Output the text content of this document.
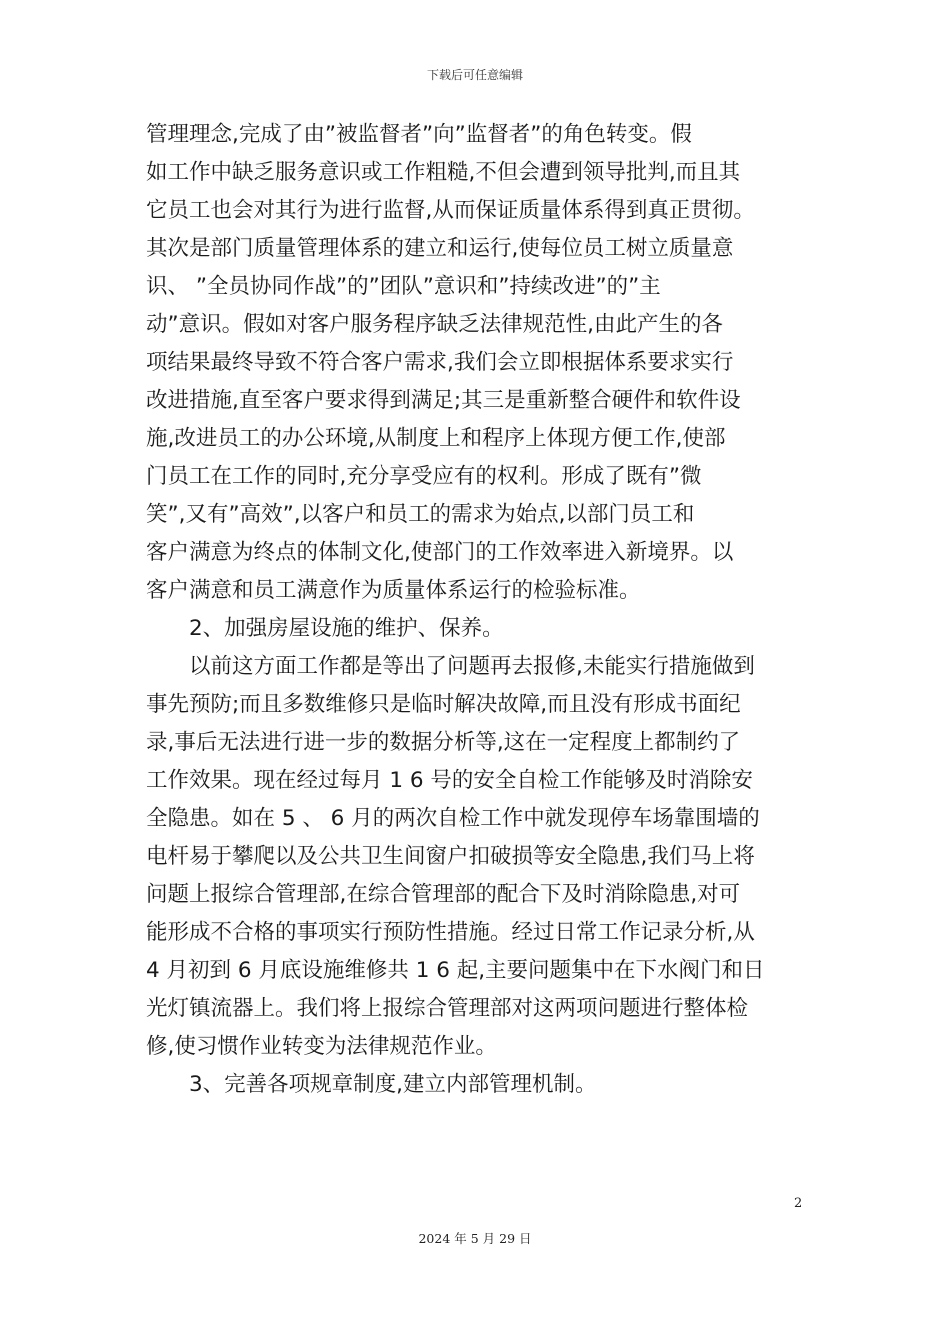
下载后可任意编辑
管理理念,完成了由”被监督者”向”监督者”的角色转变。假
如工作中缺乏服务意识或工作粗糙,不但会遭到领导批判,而且其
它员工也会对其行为进行监督,从而保证质量体系得到真正贯彻。
其次是部门质量管理体系的建立和运行,使每位员工树立质量意
识、 ”全员协同作战”的”团队”意识和”持续改进”的”主
动”意识。假如对客户服务程序缺乏法律规范性,由此产生的各
项结果最终导致不符合客户需求,我们会立即根据体系要求实行
改进措施,直至客户要求得到满足;其三是重新整合硬件和软件设
施,改进员工的办公环境,从制度上和程序上体现方便工作,使部
门员工在工作的同时,充分享受应有的权利。形成了既有”微
笑”,又有”高效”,以客户和员工的需求为始点,以部门员工和
客户满意为终点的体制文化,使部门的工作效率进入新境界。以
客户满意和员工满意作为质量体系运行的检验标准。
2、加强房屋设施的维护、保养。
以前这方面工作都是等出了问题再去报修,未能实行措施做到
事先预防;而且多数维修只是临时解决故障,而且没有形成书面纪
录,事后无法进行进一步的数据分析等,这在一定程度上都制约了
工作效果。现在经过每月 1 6 号的安全自检工作能够及时消除安
全隐患。如在 5 、 6 月的两次自检工作中就发现停车场靠围墙的
电杆易于攀爬以及公共卫生间窗户扣破损等安全隐患,我们马上将
问题上报综合管理部,在综合管理部的配合下及时消除隐患,对可
能形成不合格的事项实行预防性措施。经过日常工作记录分析,从
4 月初到 6 月底设施维修共 1 6 起,主要问题集中在下水阀门和日
光灯镇流器上。我们将上报综合管理部对这两项问题进行整体检
修,使习惯作业转变为法律规范作业。
3、完善各项规章制度,建立内部管理机制。
2
2024 年 5 月 29 日
